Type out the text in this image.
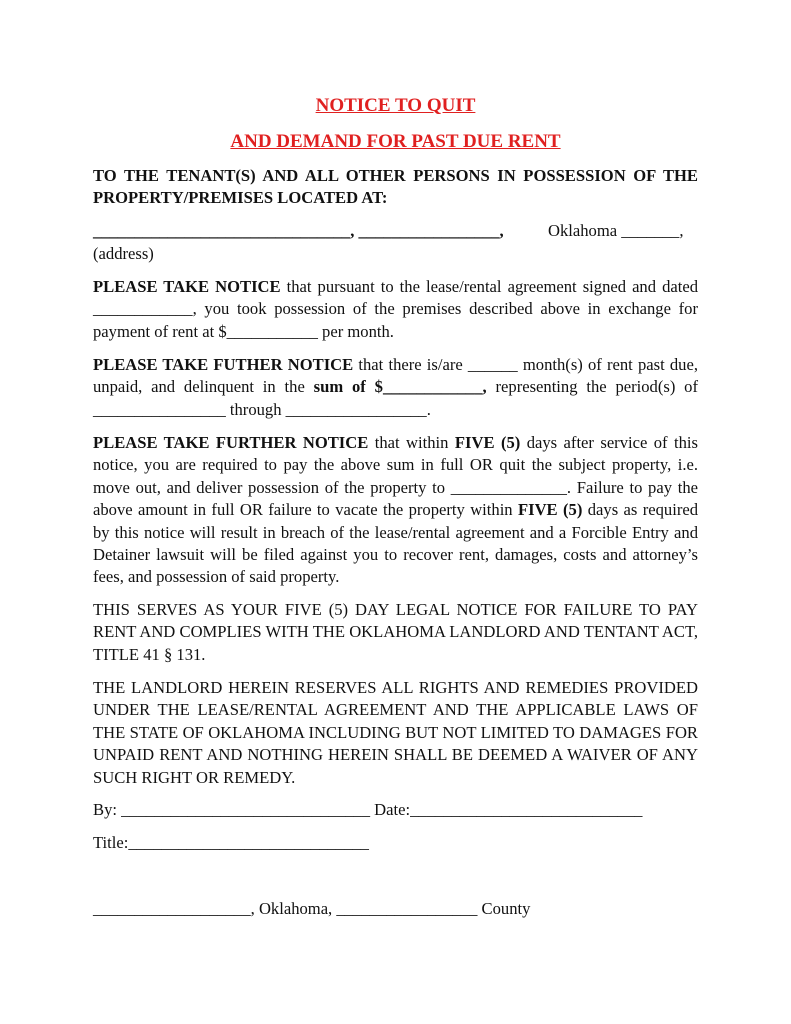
NOTICE TO QUIT
AND DEMAND FOR PAST DUE RENT

TO THE TENANT(S) AND ALL OTHER PERSONS IN POSSESSION OF THE PROPERTY/PREMISES LOCATED AT:

_______________________________, _________________,	Oklahoma _______,

(address)

PLEASE TAKE NOTICE that pursuant to the lease/rental agreement signed and dated ____________, you took possession of the premises described above in exchange for payment of rent at $___________ per month.

PLEASE TAKE FUTHER NOTICE that there is/are ______ month(s) of rent past due, unpaid, and delinquent in the sum of $____________, representing the period(s) of ________________ through _________________.

PLEASE TAKE FURTHER NOTICE that within FIVE (5) days after service of this notice, you are required to pay the above sum in full OR quit the subject property, i.e. move out, and deliver possession of the property to ______________. Failure to pay the above amount in full OR failure to vacate the property within FIVE (5) days as required by this notice will result in breach of the lease/rental agreement and a Forcible Entry and Detainer lawsuit will be filed against you to recover rent, damages, costs and attorney’s fees, and possession of said property.

THIS SERVES AS YOUR FIVE (5) DAY LEGAL NOTICE FOR FAILURE TO PAY RENT AND COMPLIES WITH THE OKLAHOMA LANDLORD AND TENTANT ACT, TITLE 41 § 131.

THE LANDLORD HEREIN RESERVES ALL RIGHTS AND REMEDIES PROVIDED UNDER THE LEASE/RENTAL AGREEMENT AND THE APPLICABLE LAWS OF THE STATE OF OKLAHOMA INCLUDING BUT NOT LIMITED TO DAMAGES FOR UNPAID RENT AND NOTHING HEREIN SHALL BE DEEMED A WAIVER OF ANY SUCH RIGHT OR REMEDY.

By: ______________________________ Date:____________________________

Title:_____________________________

___________________, Oklahoma, _________________ County
